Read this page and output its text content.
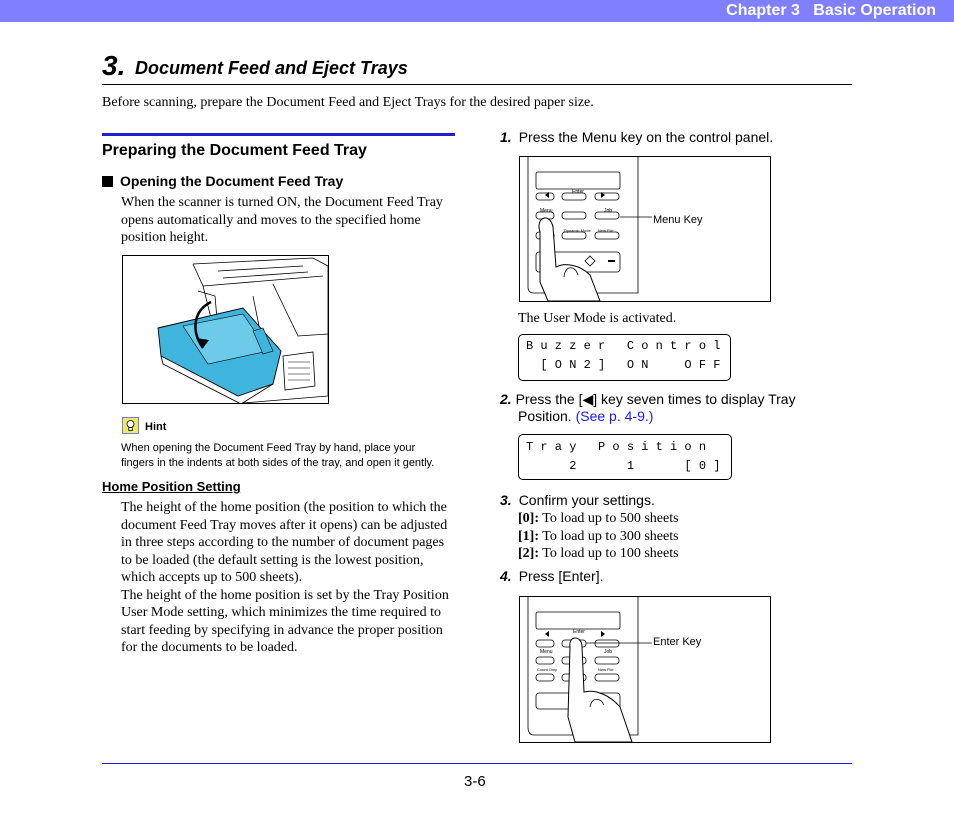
Chapter 3   Basic Operation
3. Document Feed and Eject Trays
Before scanning, prepare the Document Feed and Eject Trays for the desired paper size.
Preparing the Document Feed Tray
Opening the Document Feed Tray
When the scanner is turned ON, the Document Feed Tray
opens automatically and moves to the specified home
position height.
Hint
When opening the Document Feed Tray by hand, place your
fingers in the indents at both sides of the tray, and open it gently.
Home Position Setting
The height of the home position (the position to which the
document Feed Tray moves after it opens) can be adjusted
in three steps according to the number of document pages
to be loaded (the default setting is the lowest position,
which accepts up to 500 sheets).
The height of the home position is set by the Tray Position
User Mode setting, which minimizes the time required to
start feeding by specifying in advance the proper position
for the documents to be loaded.
1. Press the Menu key on the control panel.
Enter
Menu	Job
Dynamic Mode New File
Menu Key
The User Mode is activated.

B u z z e r   C o n t r o l

[ O N 2 ]   O N     O F F

2. Press the [◀] key seven times to display Tray
Position. (See p. 4-9.)

T r a y   P o s i t i o n

2       1       [ 0 ]

3. Confirm your settings.
[0]: To load up to 500 sheets
[1]: To load up to 300 sheets
[2]: To load up to 100 sheets
4. Press [Enter].
Enter
Menu	Job
Count Only	New File
Enter Key
3-6
